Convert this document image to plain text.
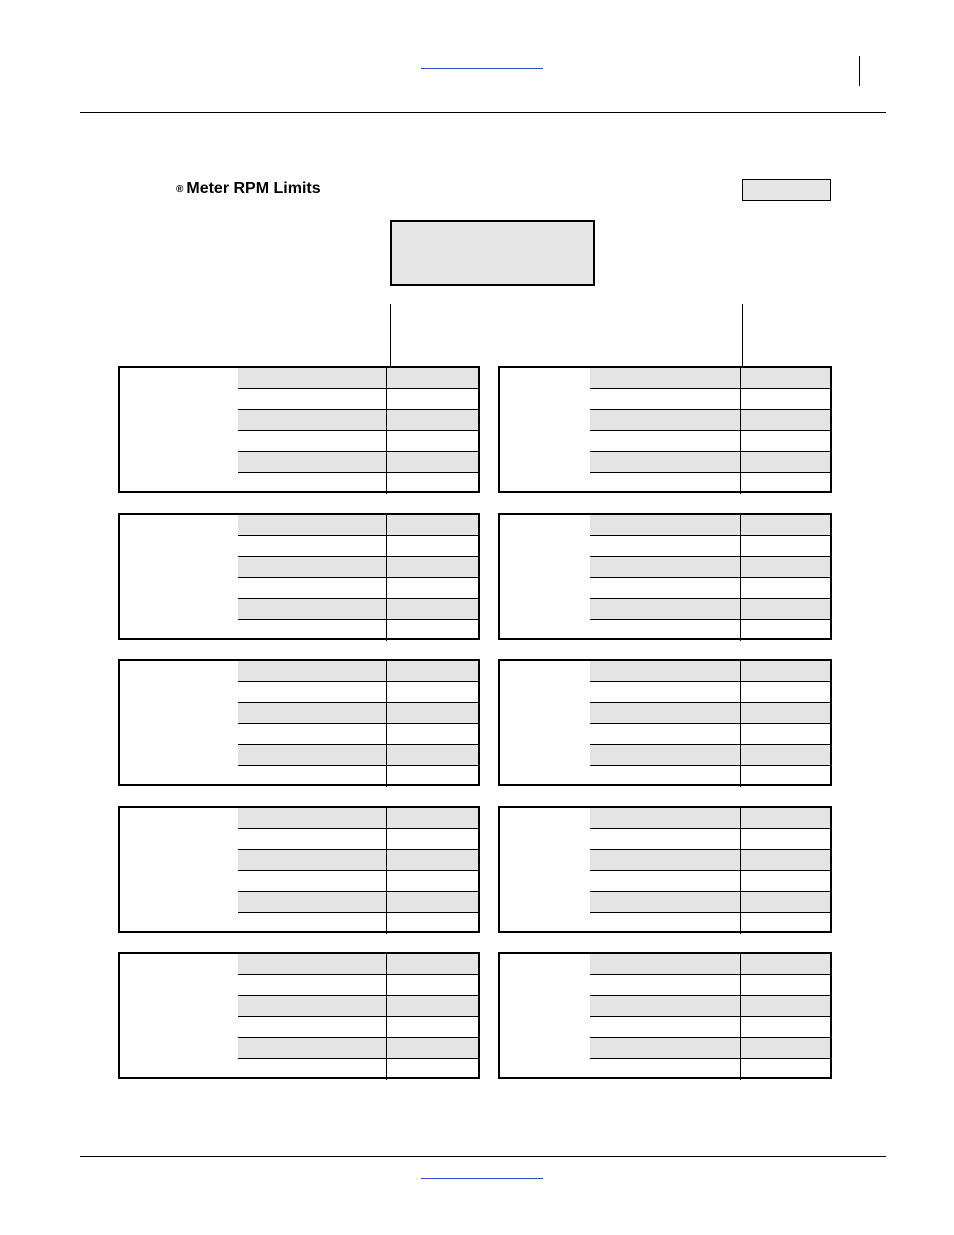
® Meter RPM Limits
